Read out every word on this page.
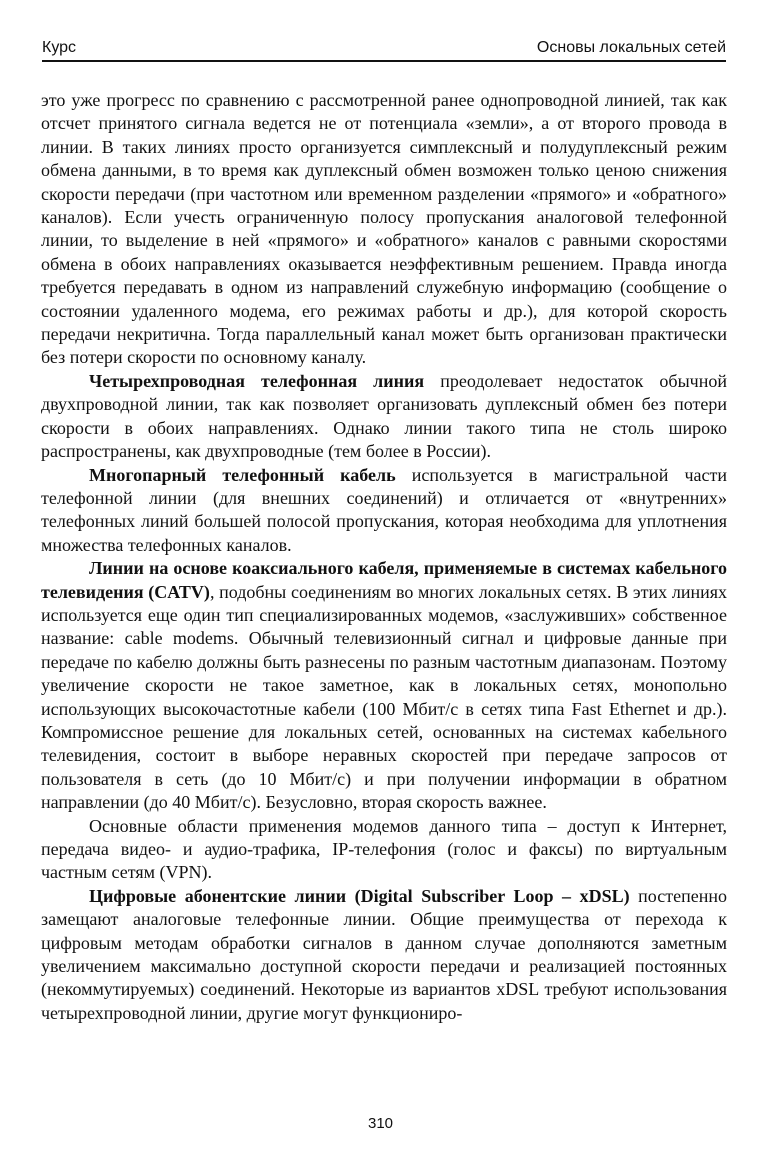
Курс	Основы локальных сетей

это уже прогресс по сравнению с рассмотренной ранее однопроводной линией, так как отсчет принятого сигнала ведется не от потенциала «земли», а от второго провода в линии. В таких линиях просто организуется симплексный и полудуплексный режим обмена данными, в то время как дуплексный обмен возможен только ценою снижения скорости передачи (при частотном или временном разделении «прямого» и «обратного» каналов). Если учесть ограниченную полосу пропускания аналоговой телефонной линии, то выделение в ней «прямого» и «обратного» каналов с равными скоростями обмена в обоих направлениях оказывается неэффективным решением. Правда иногда требуется передавать в одном из направлений служебную информацию (сообщение о состоянии удаленного модема, его режимах работы и др.), для которой скорость передачи некритична. Тогда параллельный канал может быть организован практически без потери скорости по основному каналу.

Четырехпроводная телефонная линия преодолевает недостаток обычной двухпроводной линии, так как позволяет организовать дуплексный обмен без потери скорости в обоих направлениях. Однако линии такого типа не столь широко распространены, как двухпроводные (тем более в России).

Многопарный телефонный кабель используется в магистральной части телефонной линии (для внешних соединений) и отличается от «внутренних» телефонных линий большей полосой пропускания, которая необходима для уплотнения множества телефонных каналов.

Линии на основе коаксиального кабеля, применяемые в системах кабельного телевидения (CATV), подобны соединениям во многих локальных сетях. В этих линиях используется еще один тип специализированных модемов, «заслуживших» собственное название: cable modems. Обычный телевизионный сигнал и цифровые данные при передаче по кабелю должны быть разнесены по разным частотным диапазонам. Поэтому увеличение скорости не такое заметное, как в локальных сетях, монопольно использующих высокочастотные кабели (100 Мбит/с в сетях типа Fast Ethernet и др.). Компромиссное решение для локальных сетей, основанных на системах кабельного телевидения, состоит в выборе неравных скоростей при передаче запросов от пользователя в сеть (до 10 Мбит/с) и при получении информации в обратном направлении (до 40 Мбит/с). Безусловно, вторая скорость важнее.

Основные области применения модемов данного типа – доступ к Интернет, передача видео- и аудио-трафика, IP-телефония (голос и факсы) по виртуальным частным сетям (VPN).

Цифровые абонентские линии (Digital Subscriber Loop – xDSL) постепенно замещают аналоговые телефонные линии. Общие преимущества от перехода к цифровым методам обработки сигналов в данном случае дополняются заметным увеличением максимально доступной скорости передачи и реализацией постоянных (некоммутируемых) соединений. Некоторые из вариантов xDSL требуют использования четырехпроводной линии, другие могут функциониро-

310
